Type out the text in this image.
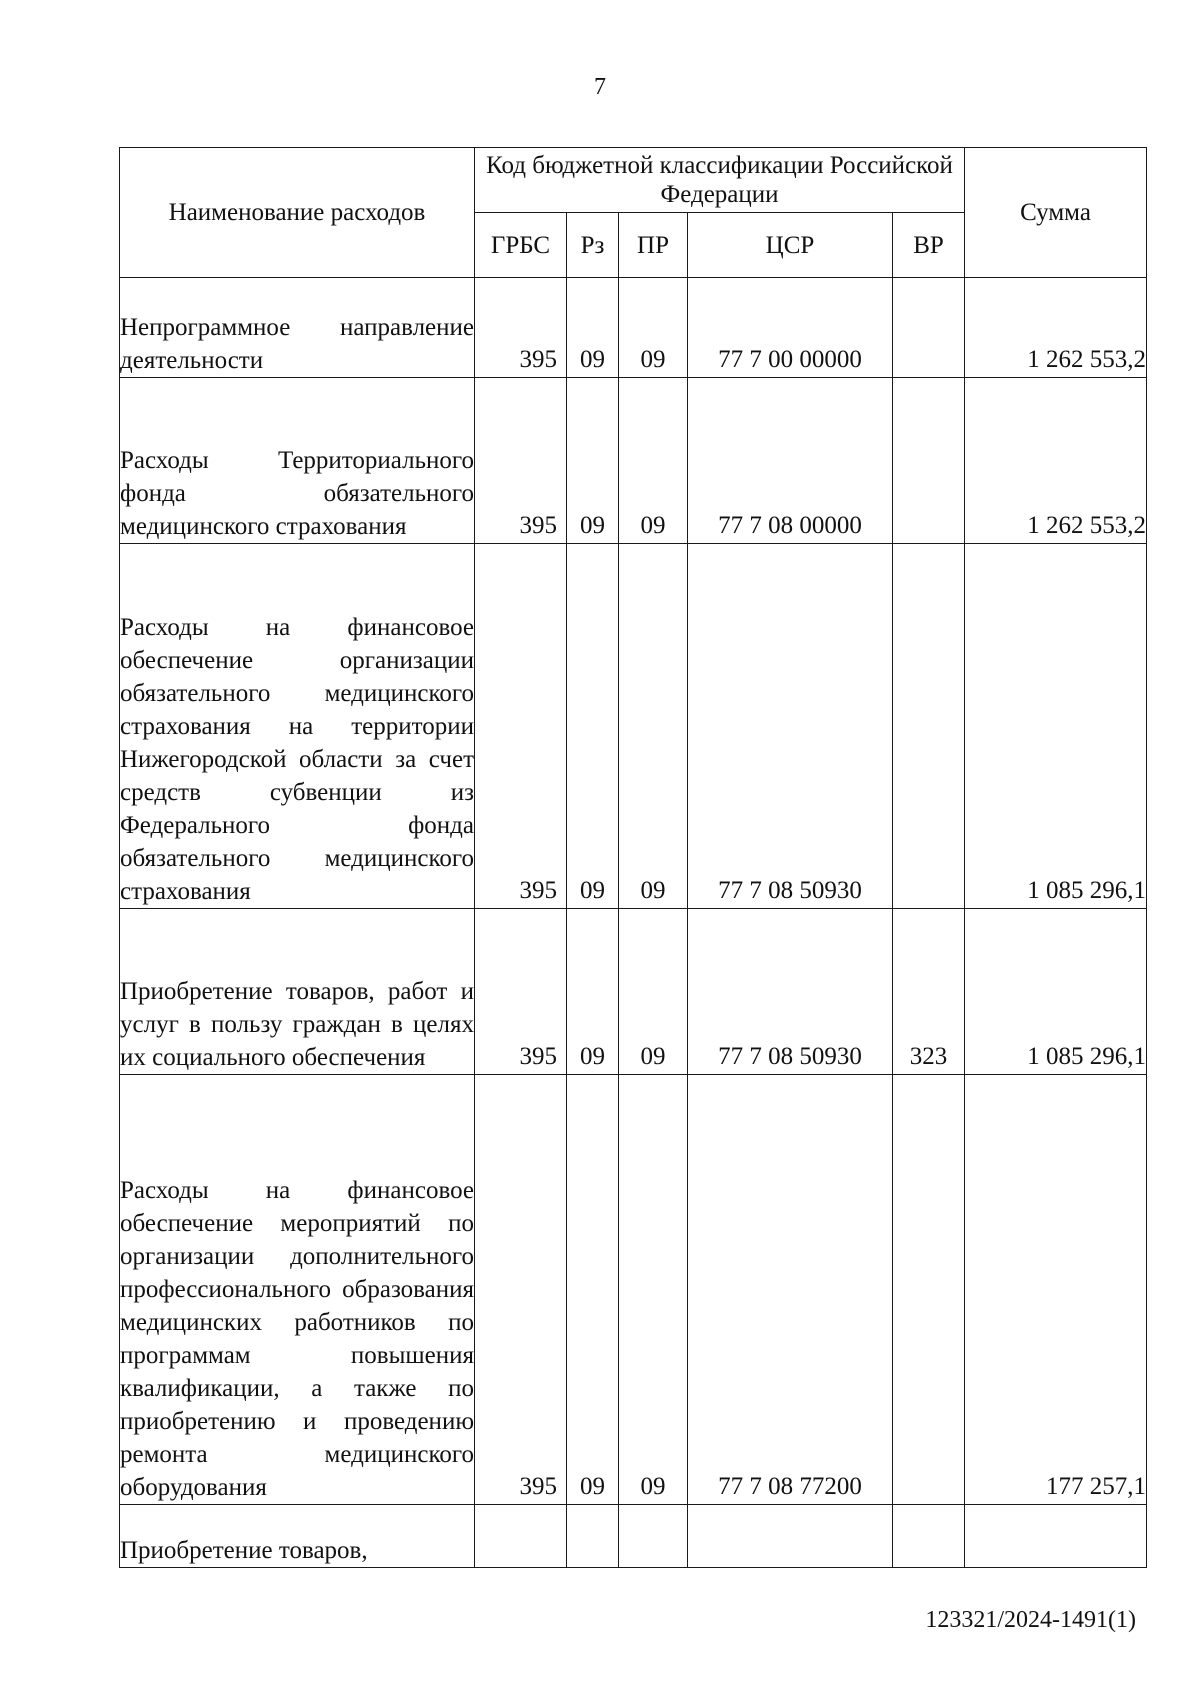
7
Наименование расходов	Код бюджетной классификации Российской Федерации					Сумма
	ГРБС	Рз	ПР	ЦСР	ВР	
Непрограммное направление деятельности	395	09	09	77 7 00 00000		1 262 553,2
Расходы Территориального фонда обязательного медицинского страхования	395	09	09	77 7 08 00000		1 262 553,2
Расходы на финансовое обеспечение организации обязательного медицинского страхования на территории Нижегородской области за счет средств субвенции из Федерального фонда обязательного медицинского страхования	395	09	09	77 7 08 50930		1 085 296,1
Приобретение товаров, работ и услуг в пользу граждан в целях их социального обеспечения	395	09	09	77 7 08 50930	323	1 085 296,1
Расходы на финансовое обеспечение мероприятий по организации дополнительного профессионального образования медицинских работников по программам повышения квалификации, а также по приобретению и проведению ремонта медицинского оборудования	395	09	09	77 7 08 77200		177 257,1
Приобретение товаров,						
123321/2024-1491(1)
